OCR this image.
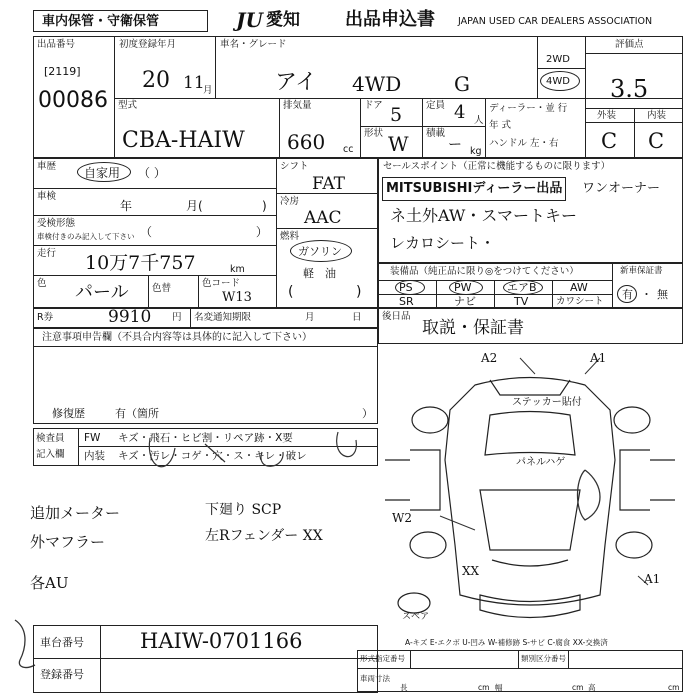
車内保管・守衛保管	JU 愛知	出品申込書 JAPAN USED CAR DEALERS ASSOCIATION
出品番号
[2119]
00086
初度登録年月
20 11
月
車名・グレード
アイ 4WD	G
2WD
4WD
評価点
3.5
外装	内装
C C
型式
CBA-HAIW
排気量
660 cc
ドア 5	定員 4 人
形状 W 積載
ー kg
ディーラー・並 行
年 式
ハンドル 左・右
車歴 自家用 （ ）
車検
年	月(	)
受検形態
車検付きのみ記入して下さい （ ）
走行 10万7千757	km
色 パール 色替	色コード
W13
シフト
FAT
冷房
AAC
燃料
ガソリン
軽　油
(	)
R券	9910 円 名変通知期限	月	日
注意事項申告欄（不具合内容等は具体的に記入して下さい）
修復歴	有（箇所	）
検査員
記入欄
FW キズ・飛石・ヒビ割・リペア跡・X要
内装 キズ・汚レ・コゲ・穴・ス・キレ・破レ
追加メーター
外マフラー
各AU
下廻り SCP
左Rフェンダー XX
車台番号	HAIW-0701166
登録番号
セールスポイント（正常に機能するものに限ります）
MITSUBISHIディーラー出品 ワンオーナー
ネ土外AW・スマートキー
レカロシート・
装備品（純正品に限り◎をつけてください）
PS	PW	エアB	AW
SR	ナビ	TV	カワシート
新車保証書
有 ・ 無
後日品
取説・保証書
A2	A1
ステッカー貼付
パネルハゲ
W2
XX
A1
スペア
A-キズ E-エクボ U-凹み W-補修跡 S-サビ C-腐食 XX-交換済
形式指定番号	類別区分番号
車両寸法
長	cm 幅	cm 高	cm
